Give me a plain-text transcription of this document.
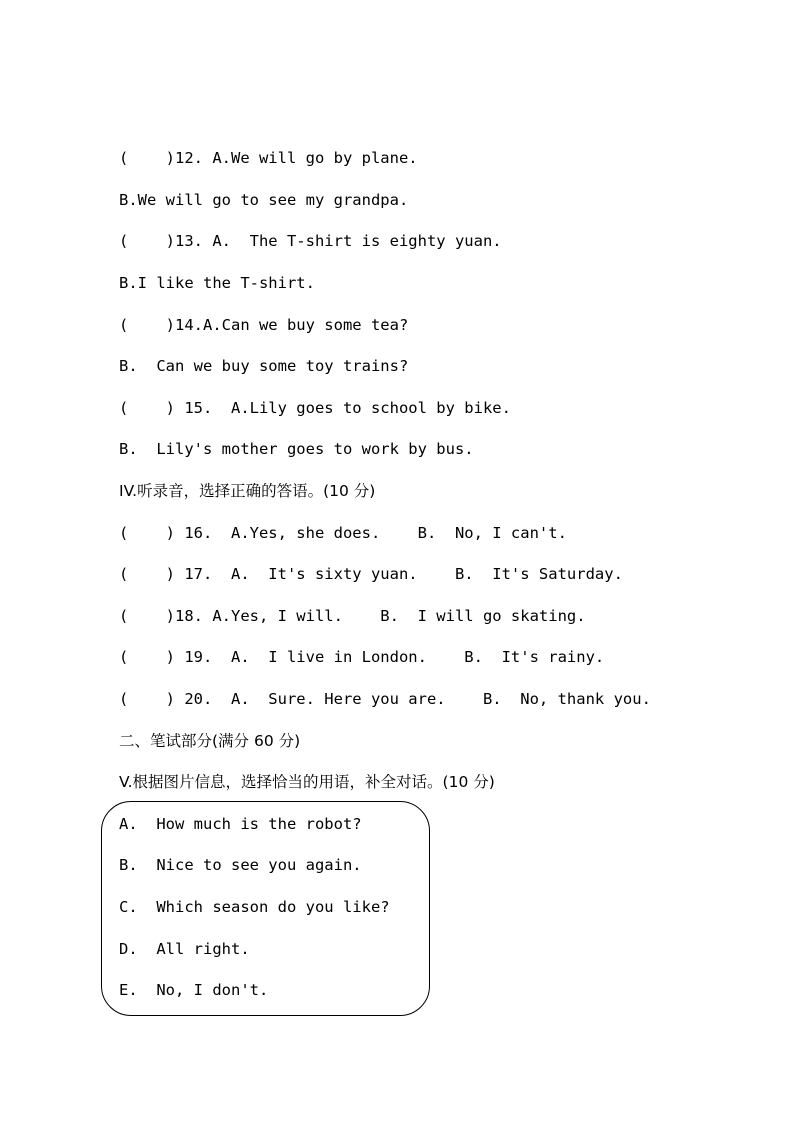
(    )12. A.We will go by plane.
B.We will go to see my grandpa.
(    )13. A.  The T-shirt is eighty yuan.
B.I like the T-shirt.
(    )14.A.Can we buy some tea?
B.  Can we buy some toy trains?
(    ) 15.  A.Lily goes to school by bike.
B.  Lily's mother goes to work by bus.
IV.听录音，选择正确的答语。(10 分)
(    ) 16.  A.Yes, she does.    B.  No, I can't.
(    ) 17.  A.  It's sixty yuan.    B.  It's Saturday.
(    )18. A.Yes, I will.    B.  I will go skating.
(    ) 19.  A.  I live in London.    B.  It's rainy.
(    ) 20.  A.  Sure. Here you are.    B.  No, thank you.
二、笔试部分(满分 60 分)
V.根据图片信息，选择恰当的用语，补全对话。(10 分)
A.  How much is the robot?
B.  Nice to see you again.
C.  Which season do you like?
D.  All right.
E.  No, I don't.
